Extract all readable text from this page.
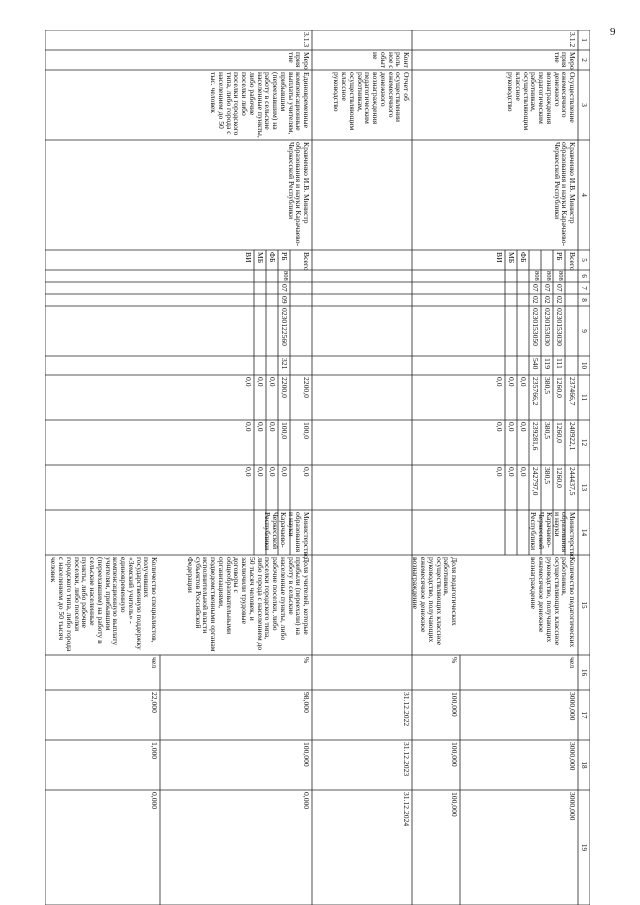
9
1
2
3
4
5
6
7
8
9
10
11
12
13
14
15
16
17
18
19
3.1.2
Мероприятие
Осуществление ежемесячного денежного вознаграждения педагогическим работникам, осуществляющим классное руководство
Кравченко И.В. Министр образования и науки Карачаево-Черкесской Республики
Всего
237466,7
240922,1
244437,5
РБ
808
07
02
0230153030
111
1260,0
1260,0
1260,0
808
07
02
0230153030
119
380,5
380,5
380,5
808
07
02
0230153050
540
235766,2
239281,6
242797,0
ФБ
0,0
0,0
0,0
МБ
0,0
0,0
0,0
ВИ
0,0
0,0
0,0
Министерство образования и науки Карачаево-Черкесской Республики
Количество педагогических работников, осуществляющих классное руководство, получающих ежемесячное денежное вознаграждение
чел
3000,000
3000,000
3000,000
Доля педагогических работников, осуществляющих классное руководство, получающих ежемесячное денежное вознаграждение
%
100,000
100,000
100,000
Контрольное событие
Отчет об осуществлении ежемесячного денежного вознаграждения педагогическим работникам, осуществляющим классное руководство
31.12.2022
31.12.2023
31.12.2024
3.1.3
Мероприятие
Единовременные компенсационные выплаты учителям, прибывшим (переехавшим) на работу в сельские населенные пункты, либо рабочие поселки либо поселки городского типа, либо города с населением до 50 тыс. человек
Кравченко И.В. Министр образования и науки Карачаево-Черкесской Республики
Всего
2200,0
100,0
0,0
РБ
808
07
09
0230122560
321
2200,0
100,0
0,0
ФБ
0,0
0,0
0,0
МБ
0,0
0,0
0,0
ВИ
0,0
0,0
0,0
Министерство образования и науки Карачаево-Черкесской Республики
Доля учителей, которые прибыли (переехали) на работу в сельские населенные пункты, либо рабочие поселки, либо поселки городского типа, либо города с населением до 50 тысяч человек, и заключили трудовые договоры с общеобразовательными организациями, подведомственными органам исполнительной власти субъектов Российской Федерации
%
98,000
100,000
0,000
Количество специалистов, получивших государственную поддержку «Земский учитель» - единовременную компенсационную выплату учителям, прибывшим (переехавшим) на работу в сельские населенные пункты, либо рабочие поселки, либо поселки городского типа, либо города с населением до 50 тысяч человек
чел
22,000
1,000
0,000
